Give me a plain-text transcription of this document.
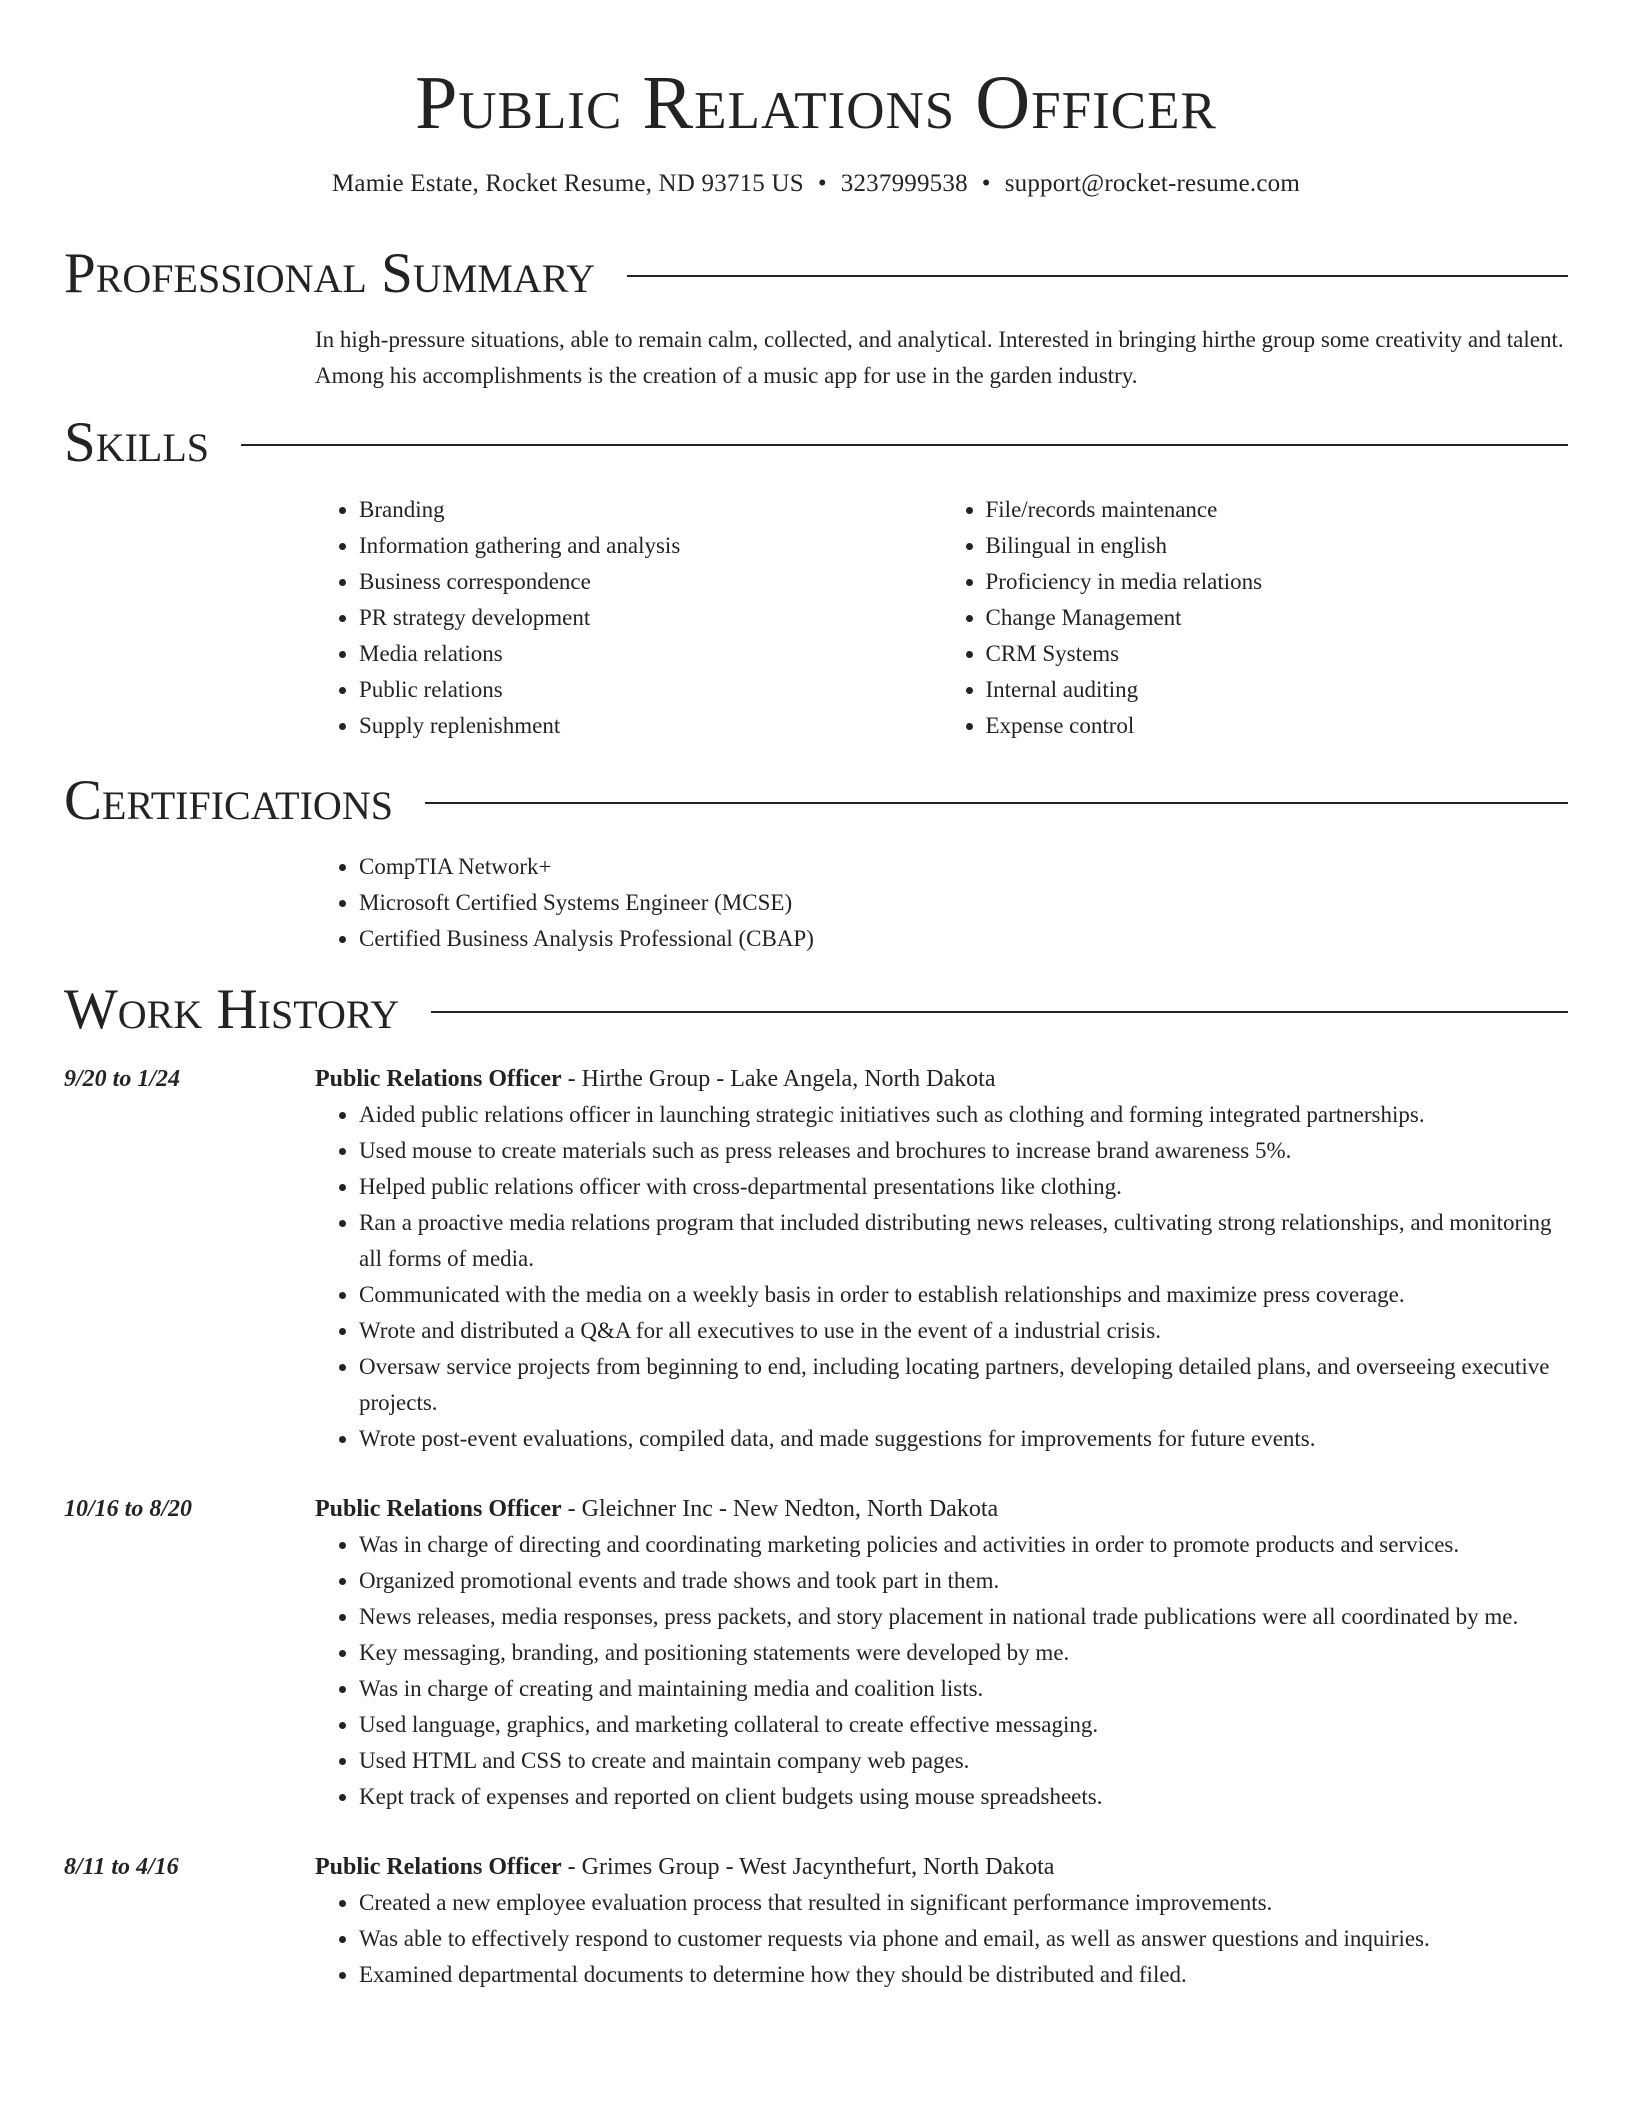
Public Relations Officer
Mamie Estate, Rocket Resume, ND 93715 US • 3237999538 • support@rocket-resume.com
Professional Summary

In high-pressure situations, able to remain calm, collected, and analytical. Interested in bringing hirthe group some creativity and talent. Among his accomplishments is the creation of a music app for use in the garden industry.

Skills
• Branding
• Information gathering and analysis
• Business correspondence
• PR strategy development
• Media relations
• Public relations
• Supply replenishment
• File/records maintenance
• Bilingual in english
• Proficiency in media relations
• Change Management
• CRM Systems
• Internal auditing
• Expense control
Certifications
• CompTIA Network+
• Microsoft Certified Systems Engineer (MCSE)
• Certified Business Analysis Professional (CBAP)
Work History
9/20 to 1/24	Public Relations Officer - Hirthe Group - Lake Angela, North Dakota
• Aided public relations officer in launching strategic initiatives such as clothing and forming integrated partnerships.
• Used mouse to create materials such as press releases and brochures to increase brand awareness 5%.
• Helped public relations officer with cross-departmental presentations like clothing.
• Ran a proactive media relations program that included distributing news releases, cultivating strong relationships, and monitoring all forms of media.
• Communicated with the media on a weekly basis in order to establish relationships and maximize press coverage.
• Wrote and distributed a Q&A for all executives to use in the event of a industrial crisis.
• Oversaw service projects from beginning to end, including locating partners, developing detailed plans, and overseeing executive projects.
• Wrote post-event evaluations, compiled data, and made suggestions for improvements for future events.
10/16 to 8/20	Public Relations Officer - Gleichner Inc - New Nedton, North Dakota
• Was in charge of directing and coordinating marketing policies and activities in order to promote products and services.
• Organized promotional events and trade shows and took part in them.
• News releases, media responses, press packets, and story placement in national trade publications were all coordinated by me.
• Key messaging, branding, and positioning statements were developed by me.
• Was in charge of creating and maintaining media and coalition lists.
• Used language, graphics, and marketing collateral to create effective messaging.
• Used HTML and CSS to create and maintain company web pages.
• Kept track of expenses and reported on client budgets using mouse spreadsheets.
8/11 to 4/16	Public Relations Officer - Grimes Group - West Jacynthefurt, North Dakota
• Created a new employee evaluation process that resulted in significant performance improvements.
• Was able to effectively respond to customer requests via phone and email, as well as answer questions and inquiries.
• Examined departmental documents to determine how they should be distributed and filed.
